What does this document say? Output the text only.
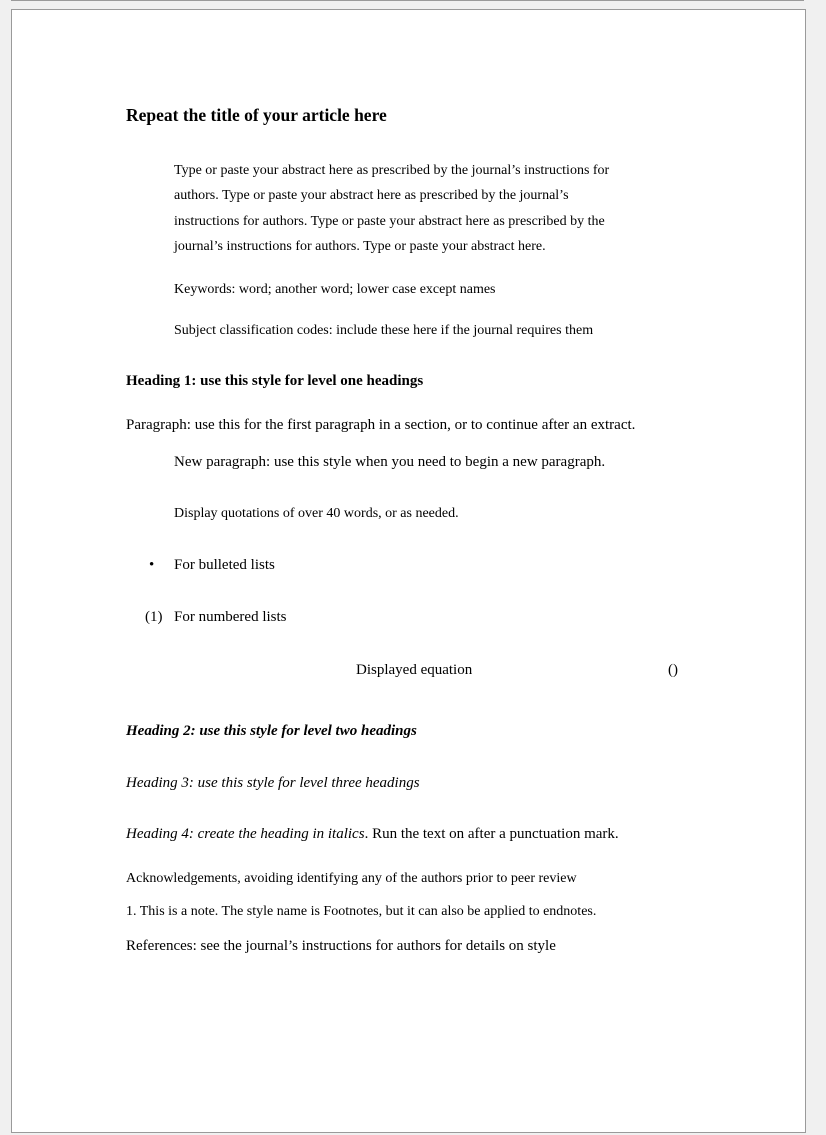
Repeat the title of your article here
Type or paste your abstract here as prescribed by the journal’s instructions for
authors. Type or paste your abstract here as prescribed by the journal’s
instructions for authors. Type or paste your abstract here as prescribed by the
journal’s instructions for authors. Type or paste your abstract here.
Keywords: word; another word; lower case except names
Subject classification codes: include these here if the journal requires them
Heading 1: use this style for level one headings
Paragraph: use this for the first paragraph in a section, or to continue after an extract.
New paragraph: use this style when you need to begin a new paragraph.
Display quotations of over 40 words, or as needed.
• For bulleted lists
(1) For numbered lists
Displayed equation	()
Heading 2: use this style for level two headings
Heading 3: use this style for level three headings
Heading 4: create the heading in italics. Run the text on after a punctuation mark.
Acknowledgements, avoiding identifying any of the authors prior to peer review
1. This is a note. The style name is Footnotes, but it can also be applied to endnotes.
References: see the journal’s instructions for authors for details on style
